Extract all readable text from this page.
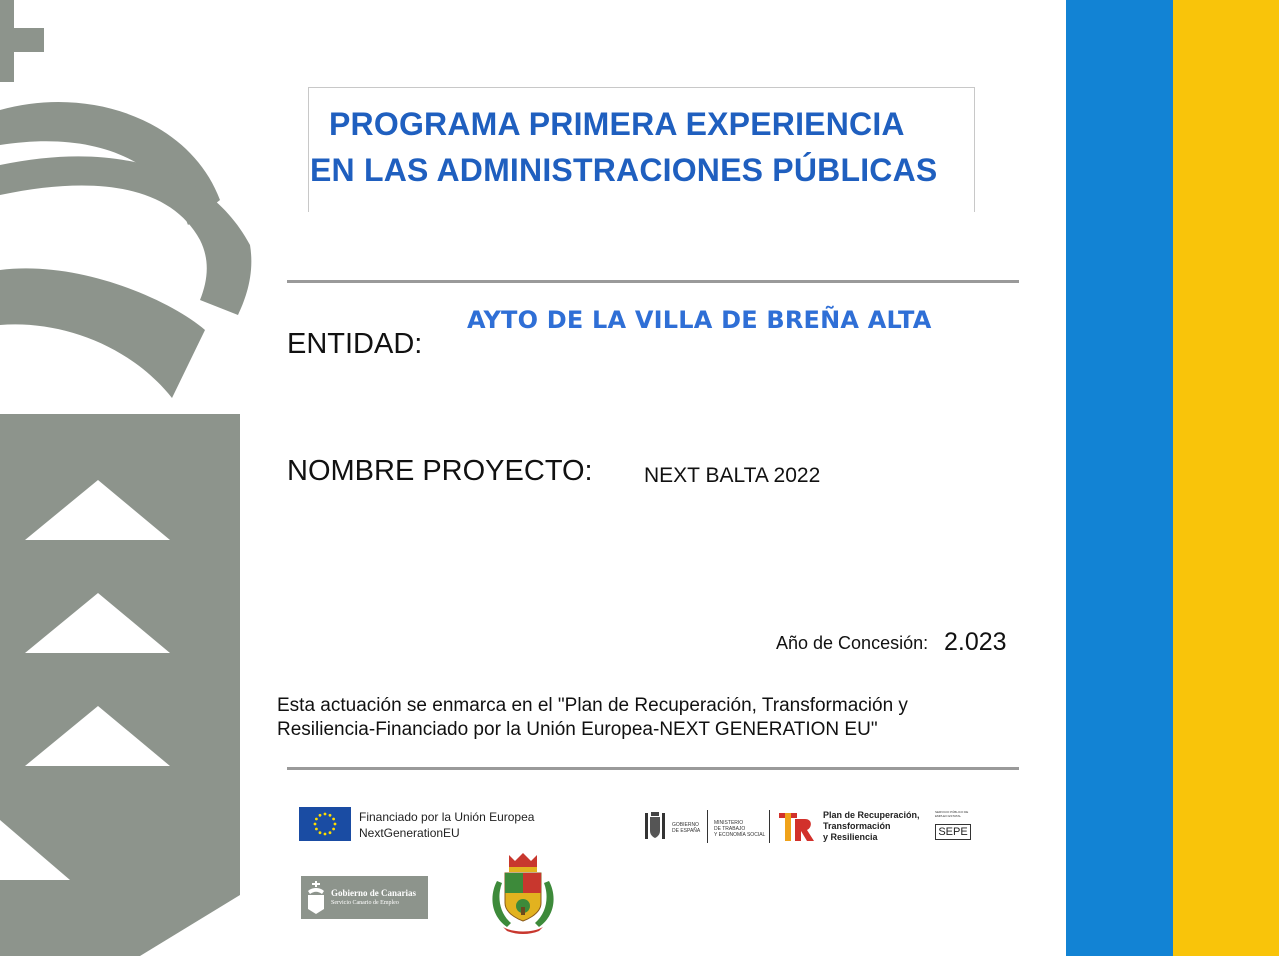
PROGRAMA PRIMERA EXPERIENCIA
EN LAS ADMINISTRACIONES PÚBLICAS
ENTIDAD:
AYTO DE LA VILLA DE BREÑA ALTA
NOMBRE PROYECTO: NEXT BALTA 2022
Año de Concesión: 2.023
Esta actuación se enmarca en el "Plan de Recuperación, Transformación y
Resiliencia-Financiado por la Unión Europea-NEXT GENERATION EU"
Financiado por la Unión Europea
NextGenerationEU
GOBIERNO
DE ESPAÑA
MINISTERIO
DE TRABAJO
Y ECONOMÍA SOCIAL
Plan de Recuperación,
Transformación
y Resiliencia
SERVICIO PÚBLICO DE EMPLEO ESTATAL
SEPE
Gobierno de Canarias
Servicio Canario de Empleo
